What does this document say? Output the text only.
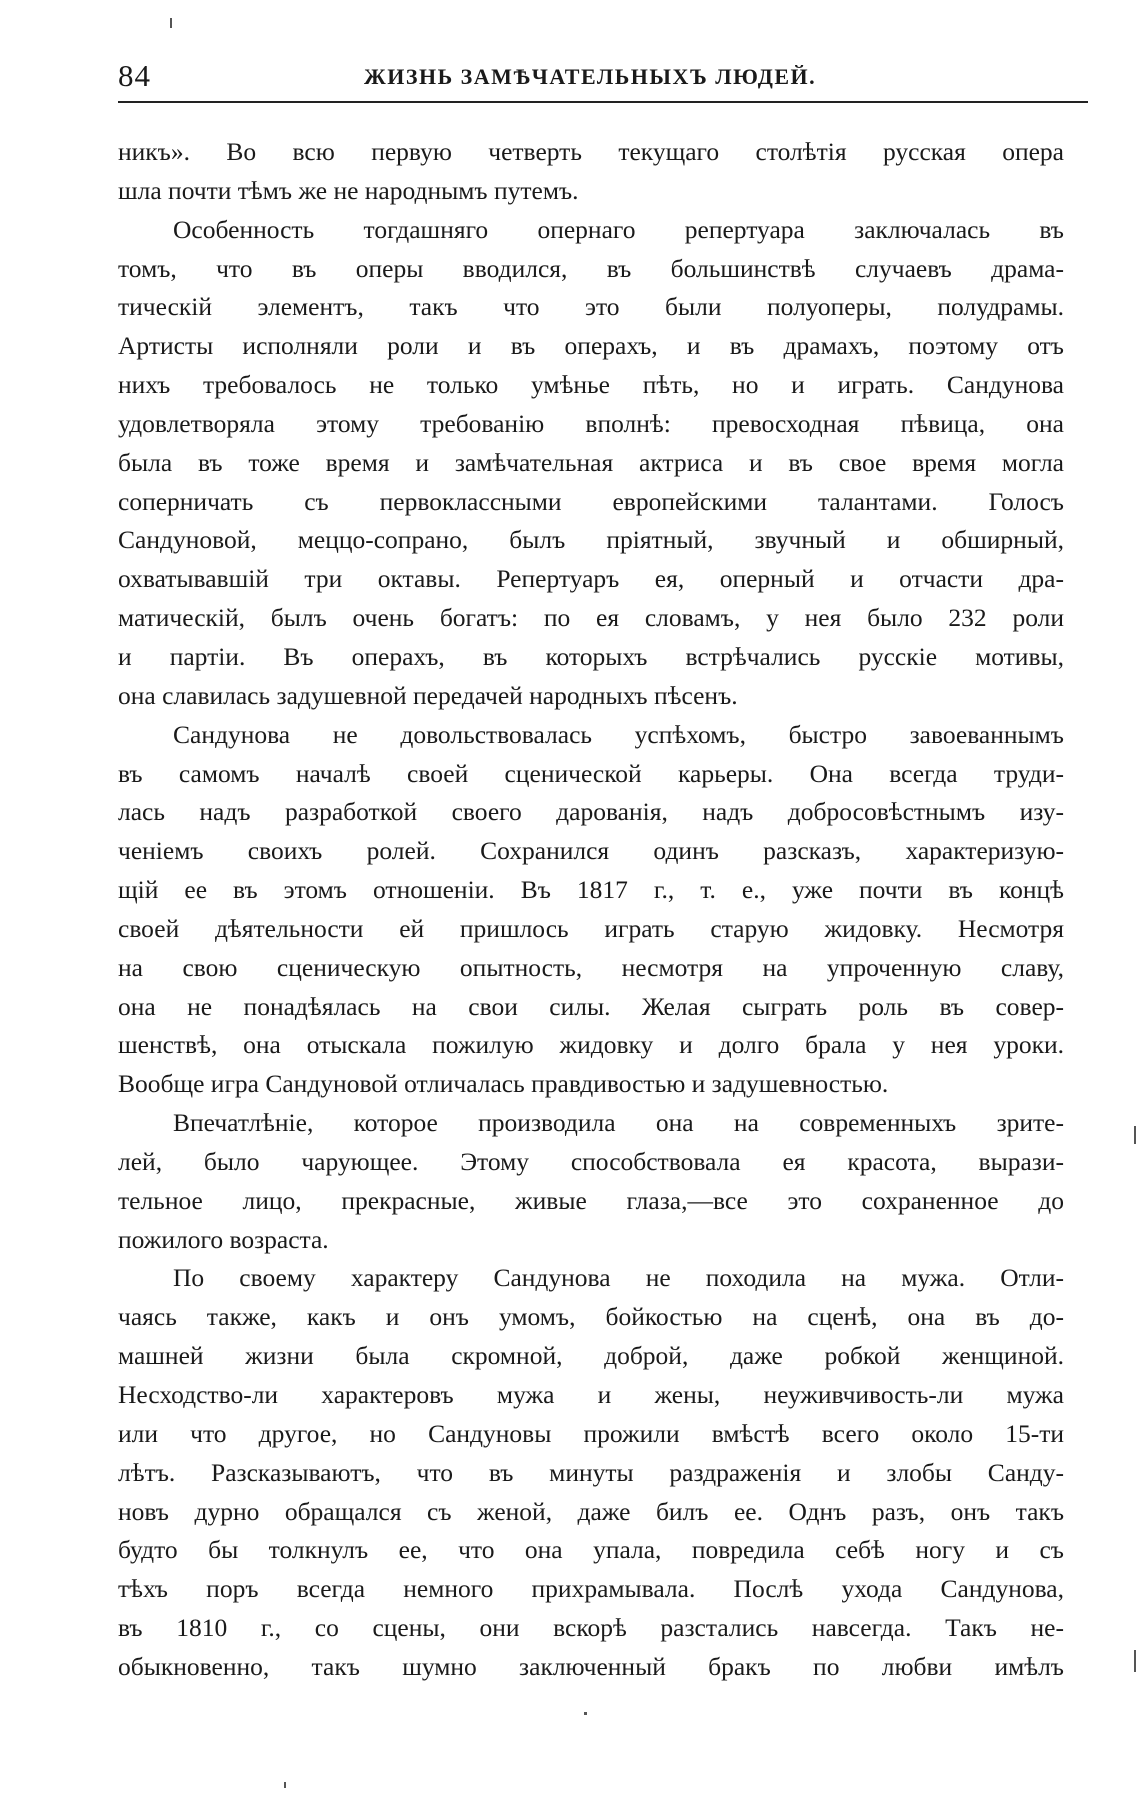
84	ЖИЗНЬ ЗАМѢЧАТЕЛЬНЫХЪ ЛЮДЕЙ.
никъ». Во всю первую четверть текущаго столѣтія русская опера
шла почти тѣмъ же не народнымъ путемъ.
Особенность тогдашняго опернаго репертуара заключалась въ
томъ, что въ оперы вводился, въ большинствѣ случаевъ драма-
тическій элементъ, такъ что это были полуоперы, полудрамы.
Артисты исполняли роли и въ операхъ, и въ драмахъ, поэтому отъ
нихъ требовалось не только умѣнье пѣть, но и играть. Сандунова
удовлетворяла этому требованію вполнѣ: превосходная пѣвица, она
была въ тоже время и замѣчательная актриса и въ свое время могла
соперничать съ первоклассными европейскими талантами. Голосъ
Сандуновой, меццо-сопрано, былъ пріятный, звучный и обширный,
охватывавшій три октавы. Репертуаръ ея, оперный и отчасти дра-
матическій, былъ очень богатъ: по ея словамъ, у нея было 232 роли
и партіи. Въ операхъ, въ которыхъ встрѣчались русскіе мотивы,
она славилась задушевной передачей народныхъ пѣсенъ.
Сандунова не довольствовалась успѣхомъ, быстро завоеваннымъ
въ самомъ началѣ своей сценической карьеры. Она всегда труди-
лась надъ разработкой своего дарованія, надъ добросовѣстнымъ изу-
ченіемъ своихъ ролей. Сохранился одинъ разсказъ, характеризую-
щій ее въ этомъ отношеніи. Въ 1817 г., т. е., уже почти въ концѣ
своей дѣятельности ей пришлось играть старую жидовку. Несмотря
на свою сценическую опытность, несмотря на упроченную славу,
она не понадѣялась на свои силы. Желая сыграть роль въ совер-
шенствѣ, она отыскала пожилую жидовку и долго брала у нея уроки.
Вообще игра Сандуновой отличалась правдивостью и задушевностью.
Впечатлѣніе, которое производила она на современныхъ зрите-
лей, было чарующее. Этому способствовала ея красота, вырази-
тельное лицо, прекрасные, живые глаза,—все это сохраненное до
пожилого возраста.
По своему характеру Сандунова не походила на мужа. Отли-
чаясь также, какъ и онъ умомъ, бойкостью на сценѣ, она въ до-
машней жизни была скромной, доброй, даже робкой женщиной.
Несходство-ли характеровъ мужа и жены, неуживчивость-ли мужа
или что другое, но Сандуновы прожили вмѣстѣ всего около 15-ти
лѣтъ. Разсказываютъ, что въ минуты раздраженія и злобы Санду-
новъ дурно обращался съ женой, даже билъ ее. Однъ разъ, онъ такъ
будто бы толкнулъ ее, что она упала, повредила себѣ ногу и съ
тѣхъ поръ всегда немного прихрамывала. Послѣ ухода Сандунова,
въ 1810 г., со сцены, они вскорѣ разстались навсегда. Такъ не-
обыкновенно, такъ шумно заключенный бракъ по любви имѣлъ
